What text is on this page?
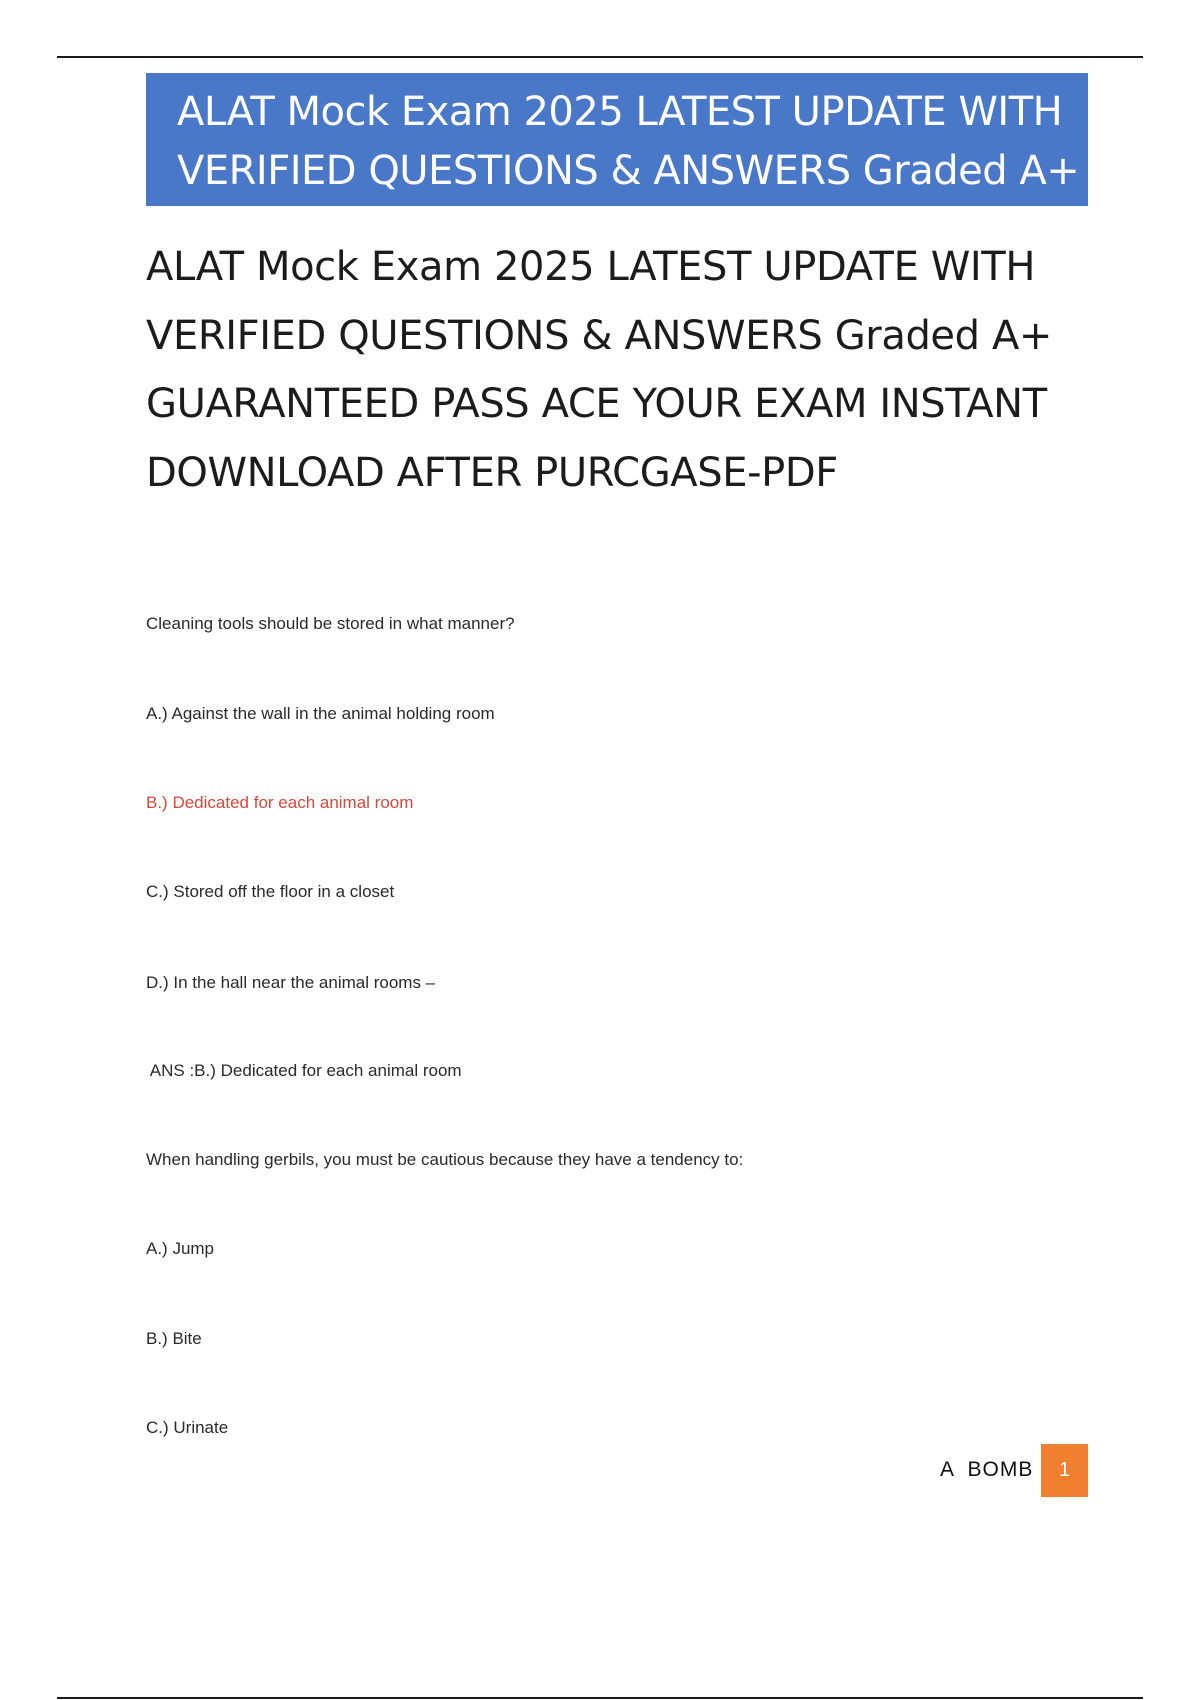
ALAT Mock Exam 2025 LATEST UPDATE WITH
VERIFIED QUESTIONS & ANSWERS Graded A+
ALAT Mock Exam 2025 LATEST UPDATE WITH
VERIFIED QUESTIONS & ANSWERS Graded A+
GUARANTEED PASS ACE YOUR EXAM INSTANT
DOWNLOAD AFTER PURCGASE-PDF
Cleaning tools should be stored in what manner?
A.) Against the wall in the animal holding room
B.) Dedicated for each animal room
C.) Stored off the floor in a closet
D.) In the hall near the animal rooms –
ANS :B.) Dedicated for each animal room
When handling gerbils, you must be cautious because they have a tendency to:
A.) Jump
B.) Bite
C.) Urinate
A  BOMB	1
